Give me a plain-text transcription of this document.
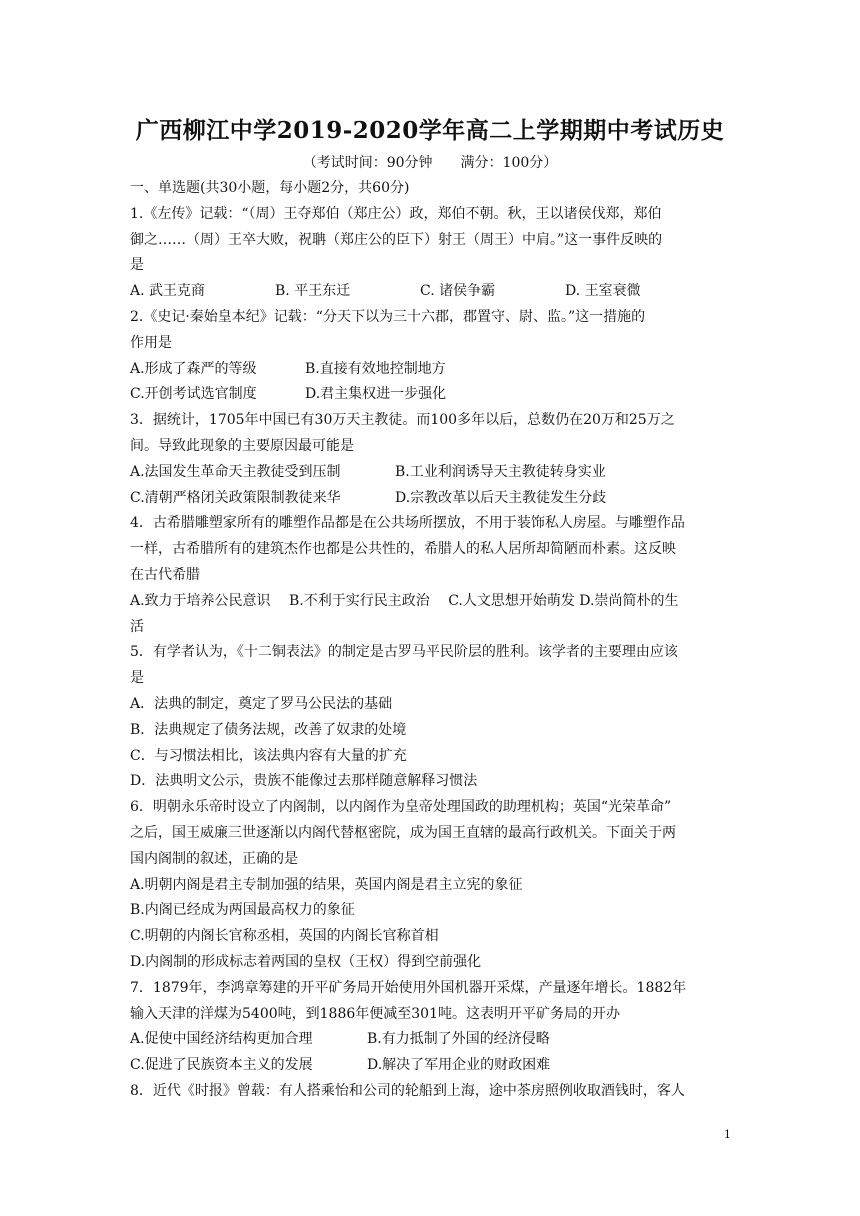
广西柳江中学2019-2020学年高二上学期期中考试历史
（考试时间：90分钟 满分：100分）
一、单选题(共30小题，每小题2分，共60分)
1.《左传》记载：“（周）王夺郑伯（郑庄公）政，郑伯不朝。秋，王以诸侯伐郑，郑伯
御之……（周）王卒大败，祝聃（郑庄公的臣下）射王（周王）中肩。”这一事件反映的
是
A. 武王克商	B. 平王东迁	C. 诸侯争霸	D. 王室衰微
2.《史记·秦始皇本纪》记载：“分天下以为三十六郡，郡置守、尉、监。”这一措施的
作用是
A.形成了森严的等级	B.直接有效地控制地方
C.开创考试选官制度	D.君主集权进一步强化
3．据统计，1705年中国已有30万天主教徒。而100多年以后，总数仍在20万和25万之
间。导致此现象的主要原因最可能是
A.法国发生革命天主教徒受到压制	B.工业利润诱导天主教徒转身实业
C.清朝严格闭关政策限制教徒来华	D.宗教改革以后天主教徒发生分歧
4．古希腊雕塑家所有的雕塑作品都是在公共场所摆放，不用于装饰私人房屋。与雕塑作品
一样，古希腊所有的建筑杰作也都是公共性的，希腊人的私人居所却简陋而朴素。这反映
在古代希腊
A.致力于培养公民意识　 B.不利于实行民主政治　 C.人文思想开始萌发 D.崇尚简朴的生
活
5．有学者认为，《十二铜表法》的制定是古罗马平民阶层的胜利。该学者的主要理由应该
是
A．法典的制定，奠定了罗马公民法的基础
B．法典规定了债务法规，改善了奴隶的处境
C．与习惯法相比，该法典内容有大量的扩充
D．法典明文公示，贵族不能像过去那样随意解释习惯法
6．明朝永乐帝时设立了内阁制，以内阁作为皇帝处理国政的助理机构；英国“光荣革命”
之后，国王威廉三世逐渐以内阁代替枢密院，成为国王直辖的最高行政机关。下面关于两
国内阁制的叙述，正确的是
A.明朝内阁是君主专制加强的结果，英国内阁是君主立宪的象征
B.内阁已经成为两国最高权力的象征
C.明朝的内阁长官称丞相，英国的内阁长官称首相
D.内阁制的形成标志着两国的皇权（王权）得到空前强化
7．1879年，李鸿章筹建的开平矿务局开始使用外国机器开采煤，产量逐年增长。1882年
输入天津的洋煤为5400吨，到1886年便减至301吨。这表明开平矿务局的开办
A.促使中国经济结构更加合理	B.有力抵制了外国的经济侵略
C.促进了民族资本主义的发展	D.解决了军用企业的财政困难
8．近代《时报》曾载：有人搭乘怡和公司的轮船到上海，途中茶房照例收取酒钱时，客人
1
